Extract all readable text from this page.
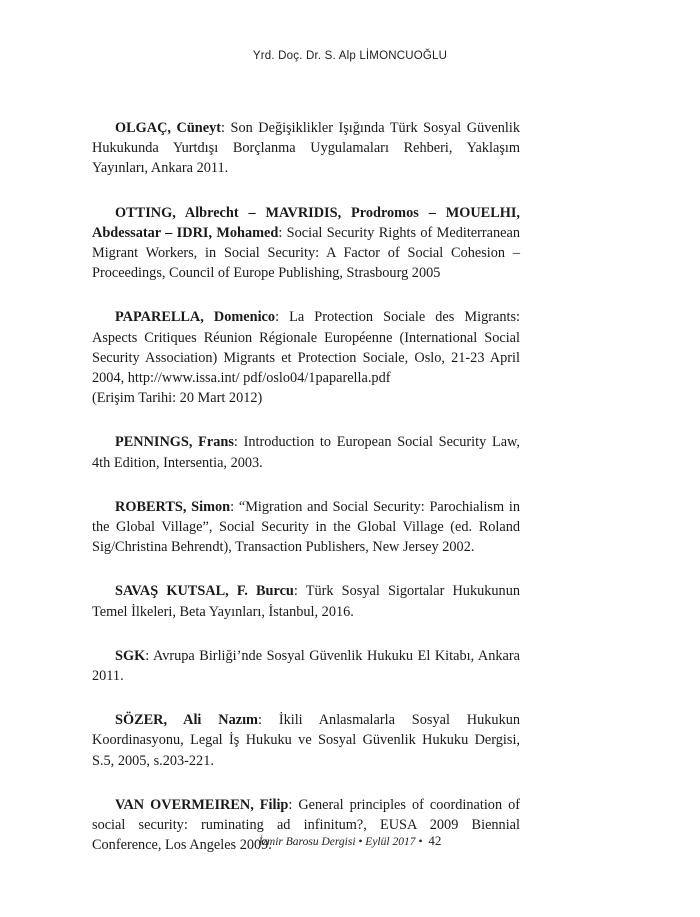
Yrd. Doç. Dr. S. Alp LİMONCUOĞLU

OLGAÇ, Cüneyt: Son Değişiklikler Işığında Türk Sosyal Güvenlik Hukukunda Yurtdışı Borçlanma Uygulamaları Rehberi, Yaklaşım Yayınları, Ankara 2011.

OTTING, Albrecht – MAVRIDIS, Prodromos – MOUELHI, Abdessatar – IDRI, Mohamed: Social Security Rights of Mediterranean Migrant Workers, in Social Security: A Factor of Social Cohesion – Proceedings, Council of Europe Publishing, Strasbourg 2005

PAPARELLA, Domenico: La Protection Sociale des Migrants: Aspects Critiques Réunion Régionale Européenne (International Social Security Association) Migrants et Protection Sociale, Oslo, 21-23 April 2004, http://www.issa.int/ pdf/oslo04/1paparella.pdf
(Erişim Tarihi: 20 Mart 2012)

PENNINGS, Frans: Introduction to European Social Security Law, 4th Edition, Intersentia, 2003.

ROBERTS, Simon: “Migration and Social Security: Parochialism in the Global Village”, Social Security in the Global Village (ed. Roland Sig/Christina Behrendt), Transaction Publishers, New Jersey 2002.

SAVAŞ KUTSAL, F. Burcu: Türk Sosyal Sigortalar Hukukunun Temel İlkeleri, Beta Yayınları, İstanbul, 2016.

SGK: Avrupa Birliği’nde Sosyal Güvenlik Hukuku El Kitabı, Ankara 2011.

SÖZER, Ali Nazım: İkili Anlasmalarla Sosyal Hukukun Koordinasyonu, Legal İş Hukuku ve Sosyal Güvenlik Hukuku Dergisi, S.5, 2005, s.203-221.

VAN OVERMEIREN, Filip: General principles of coordination of social security: ruminating ad infinitum?, EUSA 2009 Biennial Conference, Los Angeles 2009.

İzmir Barosu Dergisi • Eylül 2017 • 42
